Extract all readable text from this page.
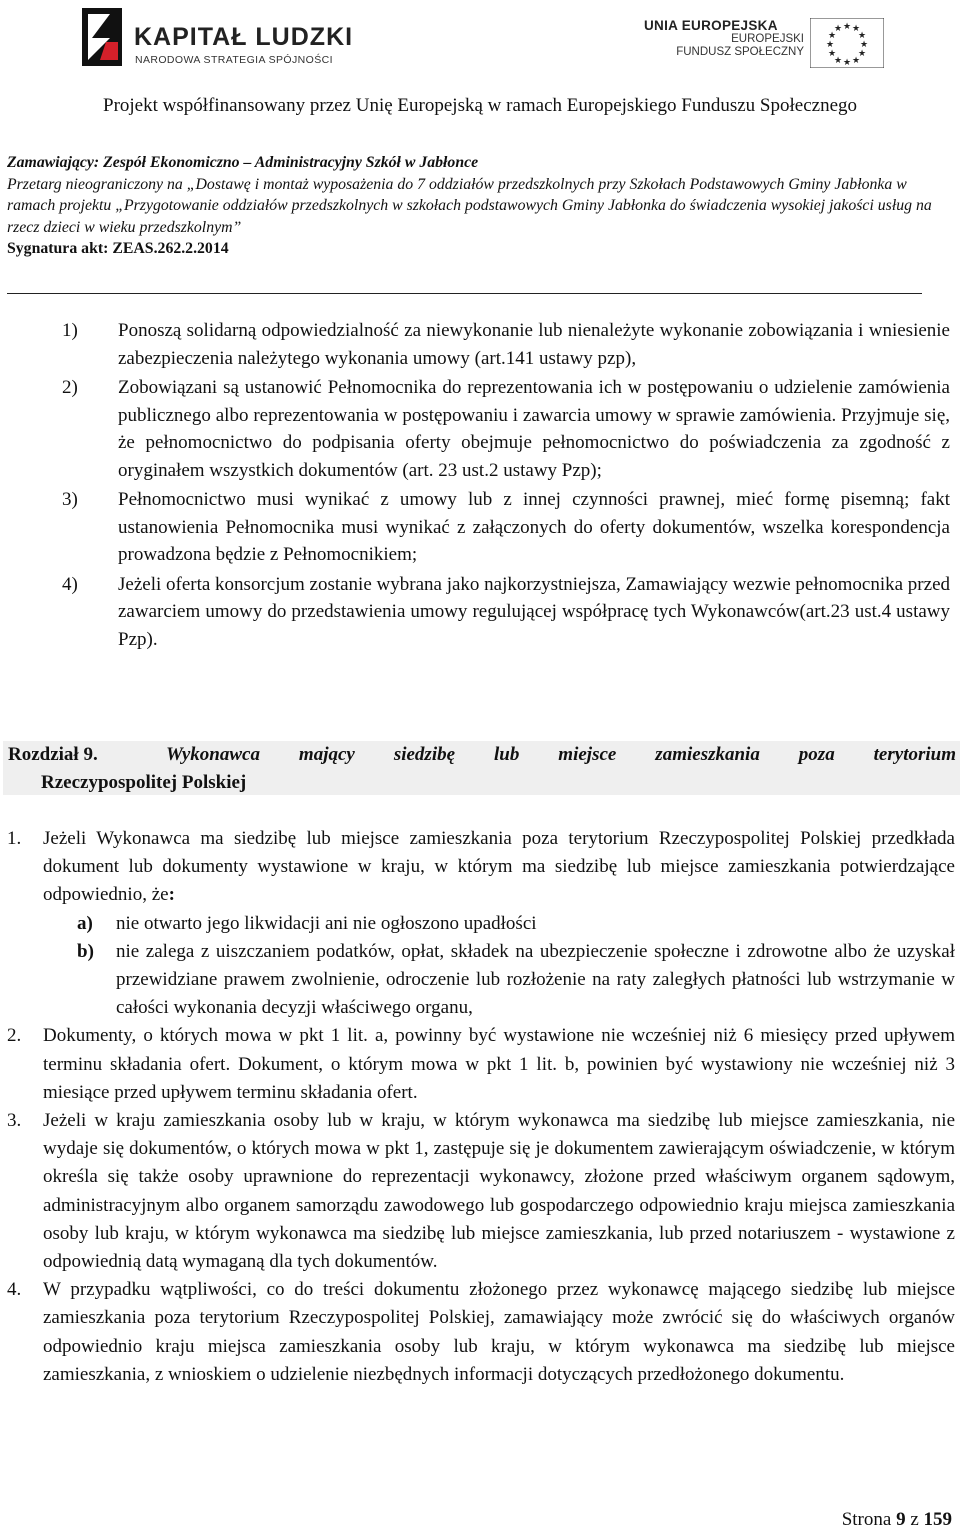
KAPITAŁ LUDZKI
NARODOWA STRATEGIA SPÓJNOŚCI
UNIA EUROPEJSKA
EUROPEJSKI
FUNDUSZ SPOŁECZNY
★ ★
★
★
★
★
★
★
★
★
★
★
Projekt współfinansowany przez Unię Europejską w ramach Europejskiego Funduszu Społecznego
Zamawiający: Zespół Ekonomiczno – Administracyjny Szkół w Jabłonce
Przetarg nieograniczony na „Dostawę i montaż wyposażenia do 7 oddziałów przedszkolnych przy Szkołach Podstawowych Gminy Jabłonka w ramach projektu „Przygotowanie oddziałów przedszkolnych w szkołach podstawowych Gminy Jabłonka do świadczenia wysokiej jakości usług na rzecz dzieci w wieku przedszkolnym”
Sygnatura akt: ZEAS.262.2.2014
1) Ponoszą solidarną odpowiedzialność za niewykonanie lub nienależyte wykonanie zobowiązania i wniesienie zabezpieczenia należytego wykonania umowy (art.141 ustawy pzp),
2) Zobowiązani są ustanowić Pełnomocnika do reprezentowania ich w postępowaniu o udzielenie zamówienia publicznego albo reprezentowania w postępowaniu i zawarcia umowy w sprawie zamówienia. Przyjmuje się, że pełnomocnictwo do podpisania oferty obejmuje pełnomocnictwo do poświadczenia za zgodność z oryginałem wszystkich dokumentów (art. 23 ust.2 ustawy Pzp);
3) Pełnomocnictwo musi wynikać z umowy lub z innej czynności prawnej, mieć formę pisemną; fakt ustanowienia Pełnomocnika musi wynikać z załączonych do oferty dokumentów, wszelka korespondencja prowadzona będzie z Pełnomocnikiem;
4) Jeżeli oferta konsorcjum zostanie wybrana jako najkorzystniejsza, Zamawiający wezwie pełnomocnika przed zawarciem umowy do przedstawienia umowy regulującej współpracę tych Wykonawców(art.23 ust.4 ustawy Pzp).
Rozdział 9.	Wykonawca mający siedzibę lub miejsce zamieszkania poza terytorium
Rzeczypospolitej Polskiej
1. Jeżeli Wykonawca ma siedzibę lub miejsce zamieszkania poza terytorium Rzeczypospolitej Polskiej przedkłada dokument lub dokumenty wystawione w kraju, w którym ma siedzibę lub miejsce zamieszkania potwierdzające odpowiednio, że:
a) nie otwarto jego likwidacji ani nie ogłoszono upadłości
b) nie zalega z uiszczaniem podatków, opłat, składek na ubezpieczenie społeczne i zdrowotne albo że uzyskał przewidziane prawem zwolnienie, odroczenie lub rozłożenie na raty zaległych płatności lub wstrzymanie w całości wykonania decyzji właściwego organu,
2. Dokumenty, o których mowa w pkt 1 lit. a, powinny być wystawione nie wcześniej niż 6 miesięcy przed upływem terminu składania ofert. Dokument, o którym mowa w pkt 1 lit. b, powinien być wystawiony nie wcześniej niż 3 miesiące przed upływem terminu składania ofert.
3. Jeżeli w kraju zamieszkania osoby lub w kraju, w którym wykonawca ma siedzibę lub miejsce zamieszkania, nie wydaje się dokumentów, o których mowa w pkt 1, zastępuje się je dokumentem zawierającym oświadczenie, w którym określa się także osoby uprawnione do reprezentacji wykonawcy, złożone przed właściwym organem sądowym, administracyjnym albo organem samorządu zawodowego lub gospodarczego odpowiednio kraju miejsca zamieszkania osoby lub kraju, w którym wykonawca ma siedzibę lub miejsce zamieszkania, lub przed notariuszem - wystawione z odpowiednią datą wymaganą dla tych dokumentów.
4. W przypadku wątpliwości, co do treści dokumentu złożonego przez wykonawcę mającego siedzibę lub miejsce zamieszkania poza terytorium Rzeczypospolitej Polskiej, zamawiający może zwrócić się do właściwych organów odpowiednio kraju miejsca zamieszkania osoby lub kraju, w którym wykonawca ma siedzibę lub miejsce zamieszkania, z wnioskiem o udzielenie niezbędnych informacji dotyczących przedłożonego dokumentu.
Strona 9 z 159
